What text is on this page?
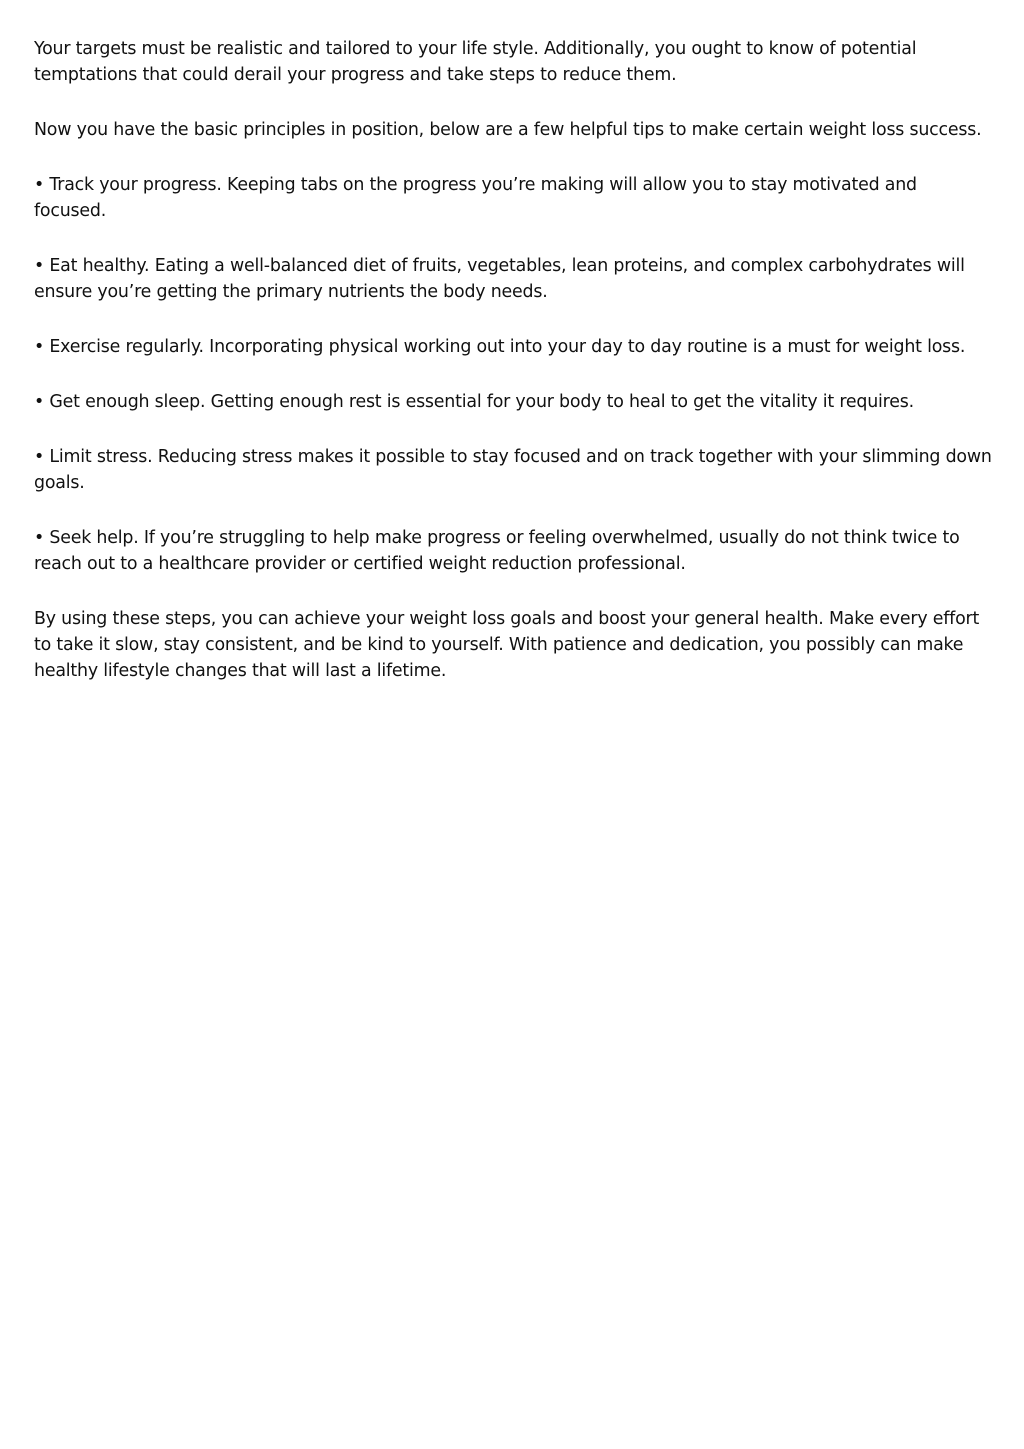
Your targets must be realistic and tailored to your life style. Additionally, you ought to know of potential temptations that could derail your progress and take steps to reduce them.

Now you have the basic principles in position, below are a few helpful tips to make certain weight loss success.

• Track your progress. Keeping tabs on the progress you’re making will allow you to stay motivated and focused.

• Eat healthy. Eating a well-balanced diet of fruits, vegetables, lean proteins, and complex carbohydrates will ensure you’re getting the primary nutrients the body needs.

• Exercise regularly. Incorporating physical working out into your day to day routine is a must for weight loss.

• Get enough sleep. Getting enough rest is essential for your body to heal to get the vitality it requires.

• Limit stress. Reducing stress makes it possible to stay focused and on track together with your slimming down goals.

• Seek help. If you’re struggling to help make progress or feeling overwhelmed, usually do not think twice to reach out to a healthcare provider or certified weight reduction professional.

By using these steps, you can achieve your weight loss goals and boost your general health. Make every effort to take it slow, stay consistent, and be kind to yourself. With patience and dedication, you possibly can make healthy lifestyle changes that will last a lifetime.
